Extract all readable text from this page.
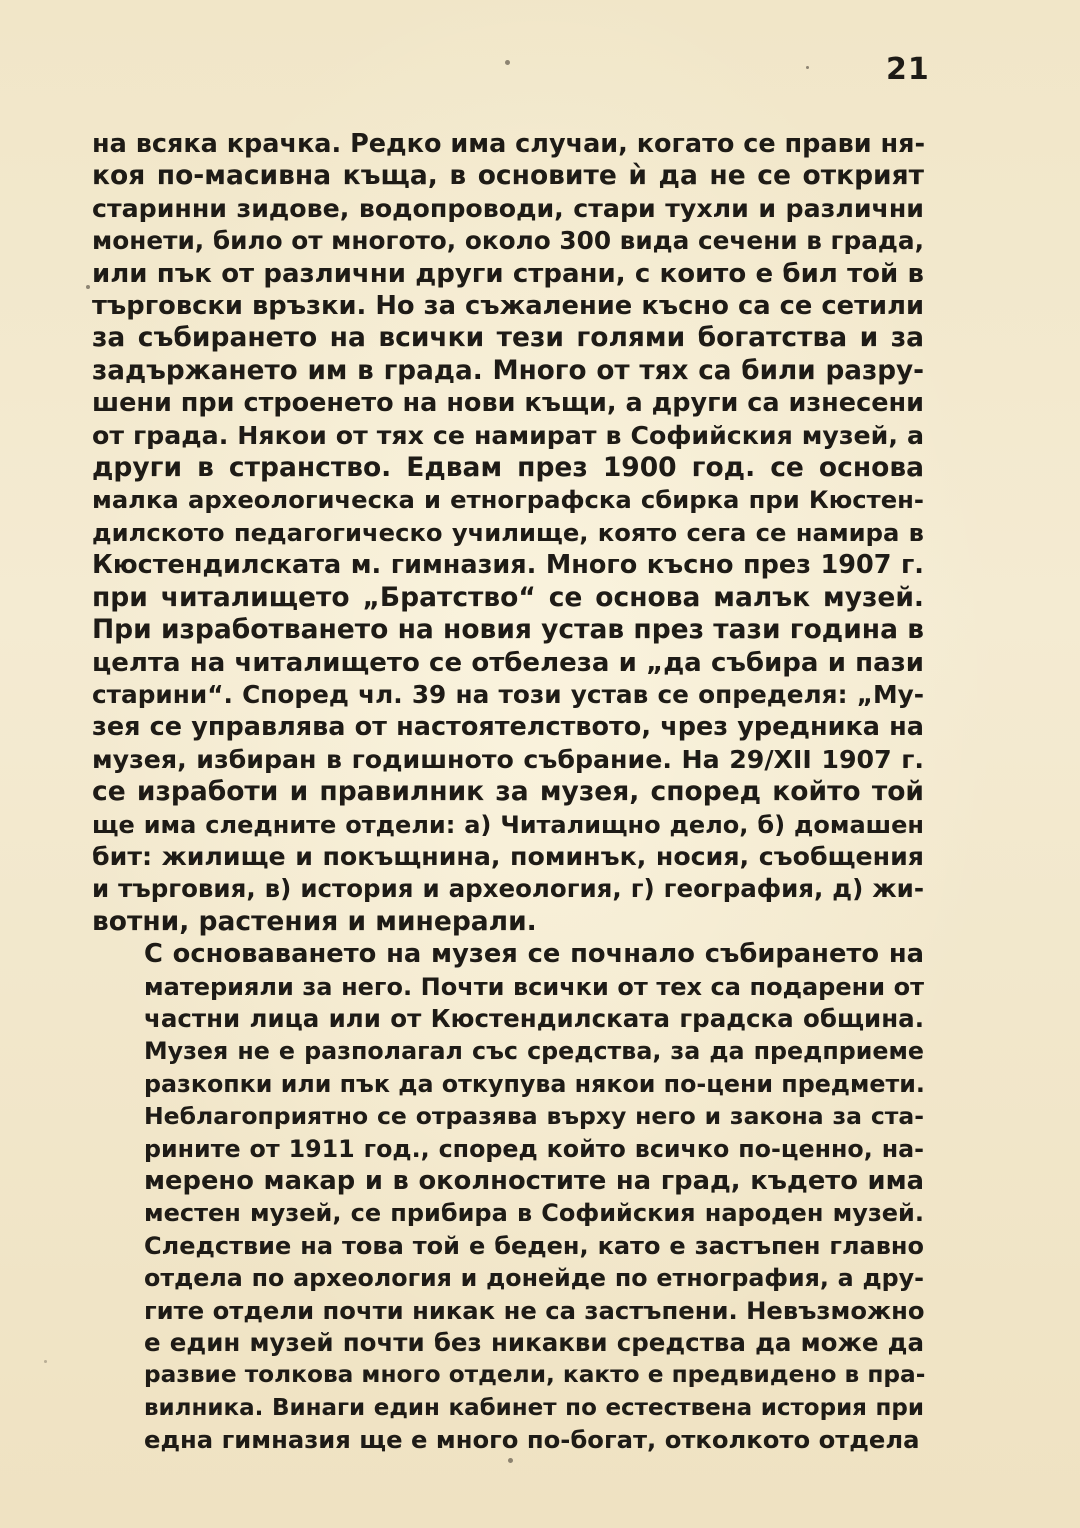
21

на всяка крачка. Редко има случаи, когато се прави ня-
коя по-масивна къща, в основите ѝ да не се открият
старинни зидове, водопроводи, стари тухли и различни
монети, било от многото, около 300 вида сечени в града,
или пък от различни други страни, с които е бил той в
търговски връзки. Но за съжаление късно са се сетили
за събирането на всички тези голями богатства и за
задържането им в града. Много от тях са били разру-
шени при строенето на нови къщи, а други са изнесени
от града. Някои от тях се намират в Софийския музей, а
други в странство. Едвам през 1900 год. се основа
малка археологическа и етнографска сбирка при Кюстен-
дилското педагогическо училище, която сега се намира в
Кюстендилската м. гимназия. Много късно през 1907 г.
при читалището „Братство“ се основа малък музей.
При изработването на новия устав през тази година в
целта на читалището се отбелеза и „да събира и пази
старини“. Според чл. 39 на този устав се определя: „Му-
зея се управлява от настоятелството, чрез уредника на
музея, избиран в годишното събрание. На 29/XII 1907 г.
се изработи и правилник за музея, според който той
ще има следните отдели: а) Читалищно дело, б) домашен
бит: жилище и покъщнина, поминък, носия, съобщения
и търговия, в) история и археология, г) география, д) жи-
вотни, растения и минерали.

С основаването на музея се почнало събирането на
материяли за него. Почти всички от тех са подарени от
частни лица или от Кюстендилската градска община.
Музея не е разполагал със средства, за да предприеме
разкопки или пък да откупува някои по-цени предмети.
Неблагоприятно се отразява върху него и закона за ста-
рините от 1911 год., според който всичко по-ценно, на-
мерено макар и в околностите на град, където има
местен музей, се прибира в Софийския народен музей.
Следствие на това той е беден, като е застъпен главно
отдела по археология и донейде по етнография, а дру-
гите отдели почти никак не са застъпени. Невъзможно
е един музей почти без никакви средства да може да
развие толкова много отдели, както е предвидено в пра-
вилника. Винаги един кабинет по естествена история при
една гимназия ще е много по-богат, отколкото отдела
